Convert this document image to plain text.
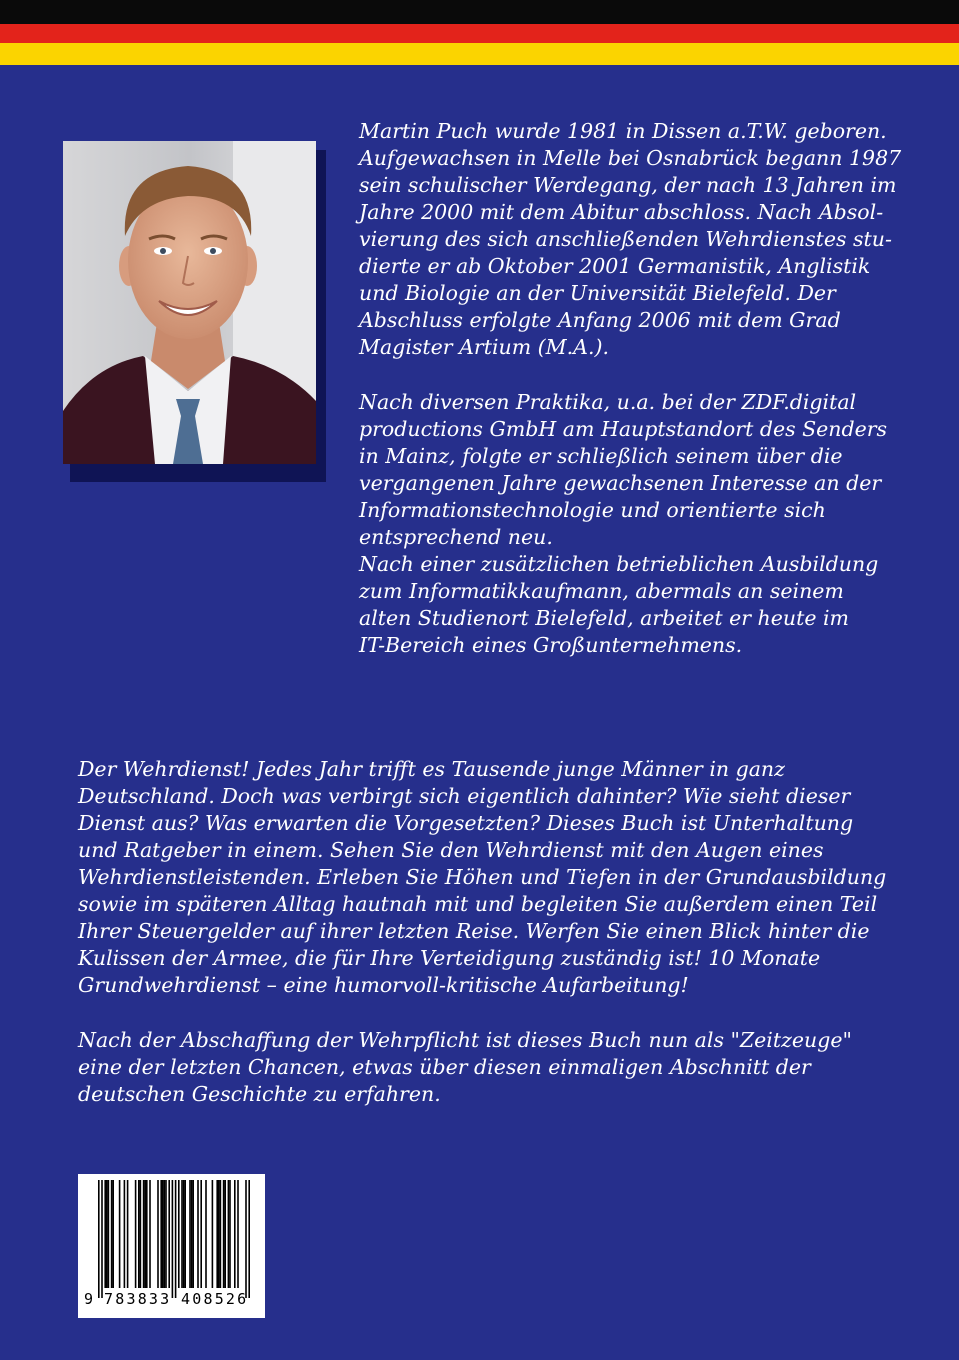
Martin Puch wurde 1981 in Dissen a.T.W. geboren.
Aufgewachsen in Melle bei Osnabrück begann 1987
sein schulischer Werdegang, der nach 13 Jahren im
Jahre 2000 mit dem Abitur abschloss. Nach Absol-
vierung des sich anschließenden Wehrdienstes stu-
dierte er ab Oktober 2001 Germanistik, Anglistik
und Biologie an der Universität Bielefeld. Der
Abschluss erfolgte Anfang 2006 mit dem Grad
Magister Artium (M.A.).
Nach diversen Praktika, u.a. bei der ZDF.digital
productions GmbH am Hauptstandort des Senders
in Mainz, folgte er schließlich seinem über die
vergangenen Jahre gewachsenen Interesse an der
Informationstechnologie und orientierte sich
entsprechend neu.
Nach einer zusätzlichen betrieblichen Ausbildung
zum Informatikkaufmann, abermals an seinem
alten Studienort Bielefeld, arbeitet er heute im
IT-Bereich eines Großunternehmens.
Der Wehrdienst! Jedes Jahr trifft es Tausende junge Männer in ganz
Deutschland. Doch was verbirgt sich eigentlich dahinter? Wie sieht dieser
Dienst aus? Was erwarten die Vorgesetzten? Dieses Buch ist Unterhaltung
und Ratgeber in einem. Sehen Sie den Wehrdienst mit den Augen eines
Wehrdienstleistenden. Erleben Sie Höhen und Tiefen in der Grundausbildung
sowie im späteren Alltag hautnah mit und begleiten Sie außerdem einen Teil
Ihrer Steuergelder auf ihrer letzten Reise. Werfen Sie einen Blick hinter die
Kulissen der Armee, die für Ihre Verteidigung zuständig ist! 10 Monate
Grundwehrdienst – eine humorvoll-kritische Aufarbeitung!
Nach der Abschaffung der Wehrpflicht ist dieses Buch nun als "Zeitzeuge"
eine der letzten Chancen, etwas über diesen einmaligen Abschnitt der
deutschen Geschichte zu erfahren.
9 783833 408526
